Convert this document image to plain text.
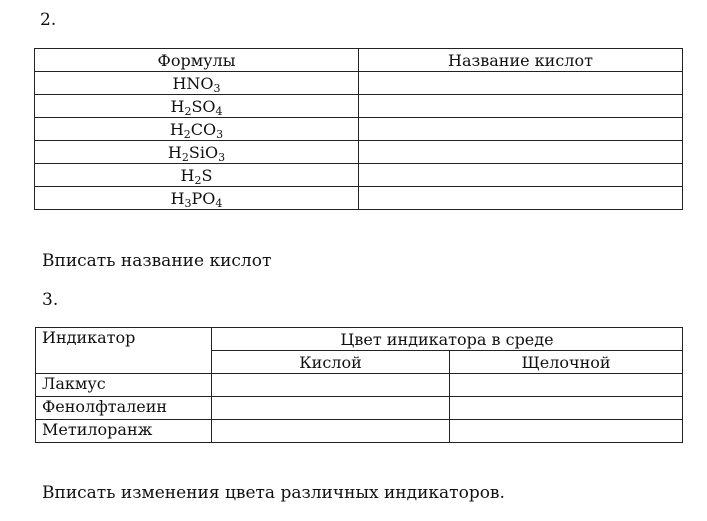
2.
Формулы	Название кислот
$HNO_3$	
$H_2SO_4$	
$H_2CO_3$	
$H_2SiO_3$	
$H_2S$	
$H_3PO_4$	
Вписать название кислот
3.
Индикатор	Цвет индикатора в среде	
	Кислой	Щелочной
Лакмус		
Фенолфталеин		
Метилоранж		
Вписать изменения цвета различных индикаторов.
